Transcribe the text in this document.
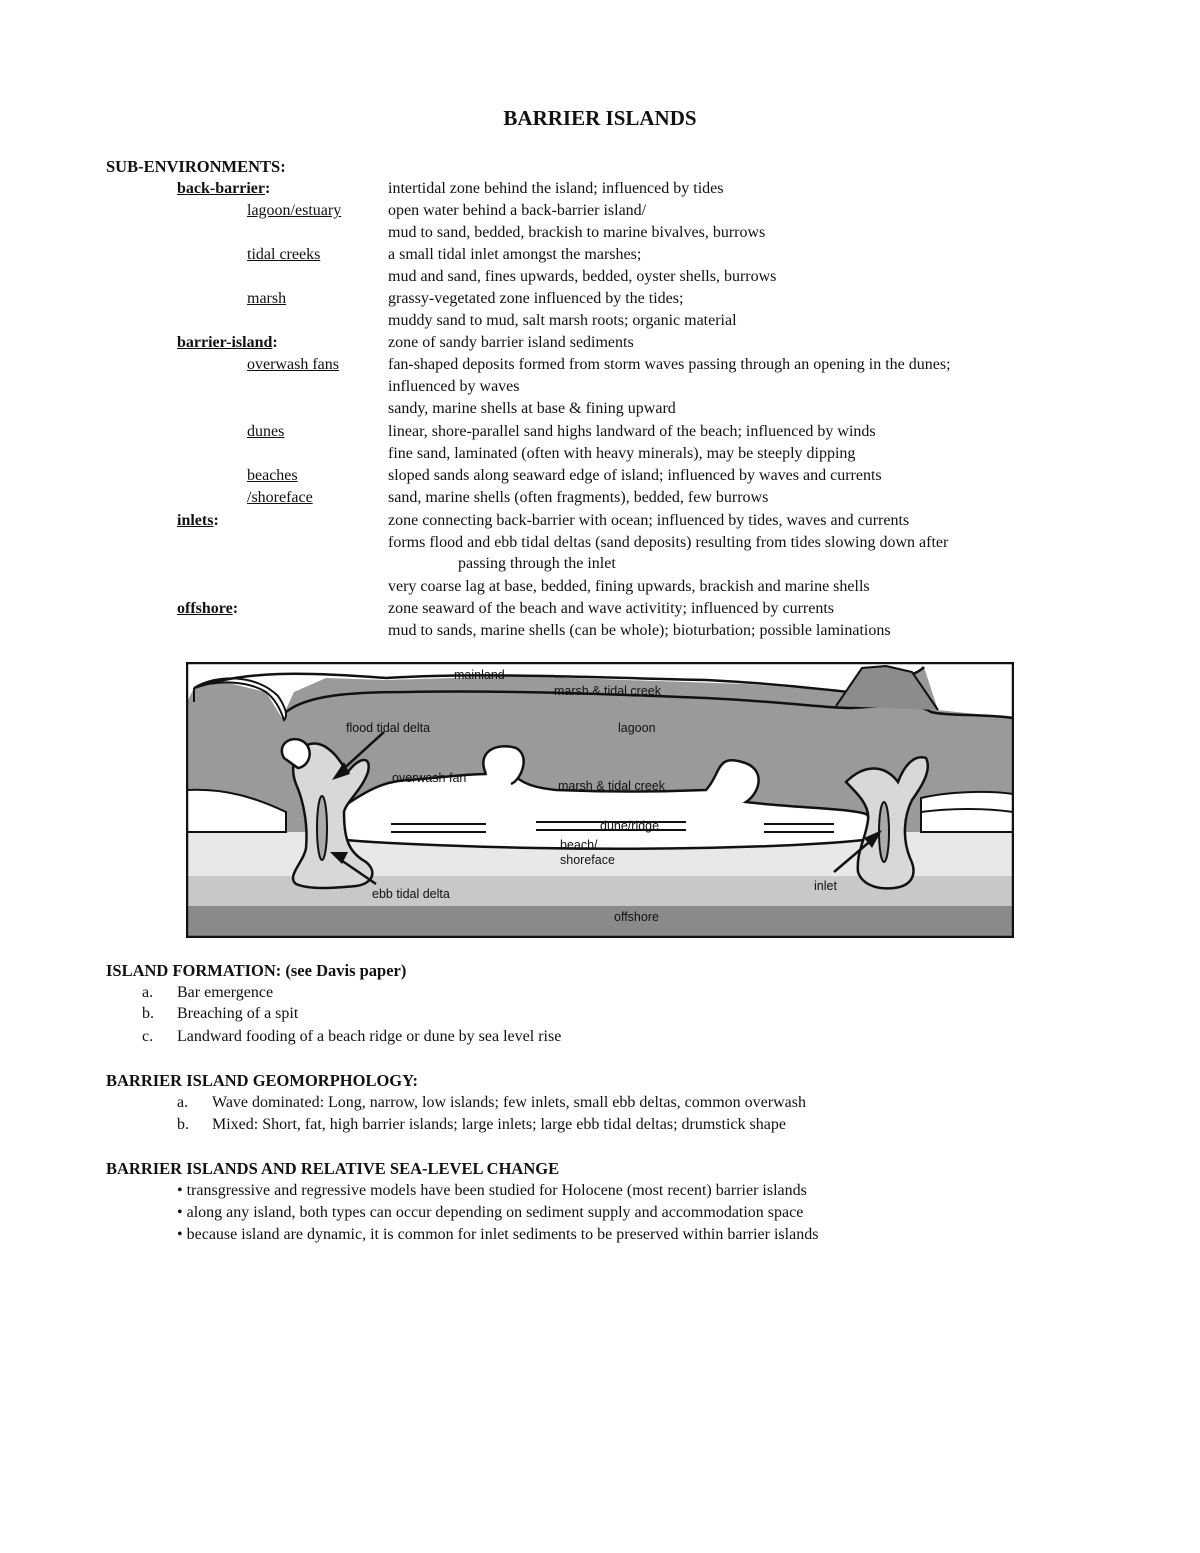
BARRIER ISLANDS
SUB-ENVIRONMENTS:
back-barrier:	intertidal zone behind the island; influenced by tides
lagoon/estuary	open water behind a back-barrier island/
mud to sand, bedded, brackish to marine bivalves, burrows
tidal creeks	a small tidal inlet amongst the marshes;
mud and sand, fines upwards, bedded, oyster shells, burrows
marsh	grassy-vegetated zone influenced by the tides;
muddy sand to mud, salt marsh roots; organic material
barrier-island:	zone of sandy barrier island sediments
overwash fans	fan-shaped deposits formed from storm waves passing through an opening in the dunes;
influenced by waves
sandy, marine shells at base & fining upward
dunes	linear, shore-parallel sand highs landward of the beach; influenced by winds
fine sand, laminated (often with heavy minerals), may be steeply dipping
beaches	sloped sands along seaward edge of island; influenced by waves and currents
/shoreface	sand, marine shells (often fragments), bedded, few burrows
inlets:	zone connecting back-barrier with ocean; influenced by tides, waves and currents
forms flood and ebb tidal deltas (sand deposits) resulting from tides slowing down after
passing through the inlet
very coarse lag at base, bedded, fining upwards, brackish and marine shells
offshore:	zone seaward of the beach and wave activitity; influenced by currents
mud to sands, marine shells (can be whole); bioturbation; possible laminations
mainland
marsh & tidal creek
flood tidal delta	lagoon
overwash fan
marsh & tidal creek
dune/ridge
beach/
shoreface
inlet
ebb tidal delta
offshore
ISLAND FORMATION: (see Davis paper)
a. Bar emergence
b. Breaching of a spit
c. Landward fooding of a beach ridge or dune by sea level rise
BARRIER ISLAND GEOMORPHOLOGY:
a. Wave dominated: Long, narrow, low islands; few inlets, small ebb deltas, common overwash
b. Mixed: Short, fat, high barrier islands; large inlets; large ebb tidal deltas; drumstick shape
BARRIER ISLANDS AND RELATIVE SEA-LEVEL CHANGE
• transgressive and regressive models have been studied for Holocene (most recent) barrier islands
• along any island, both types can occur depending on sediment supply and accommodation space
• because island are dynamic, it is common for inlet sediments to be preserved within barrier islands
